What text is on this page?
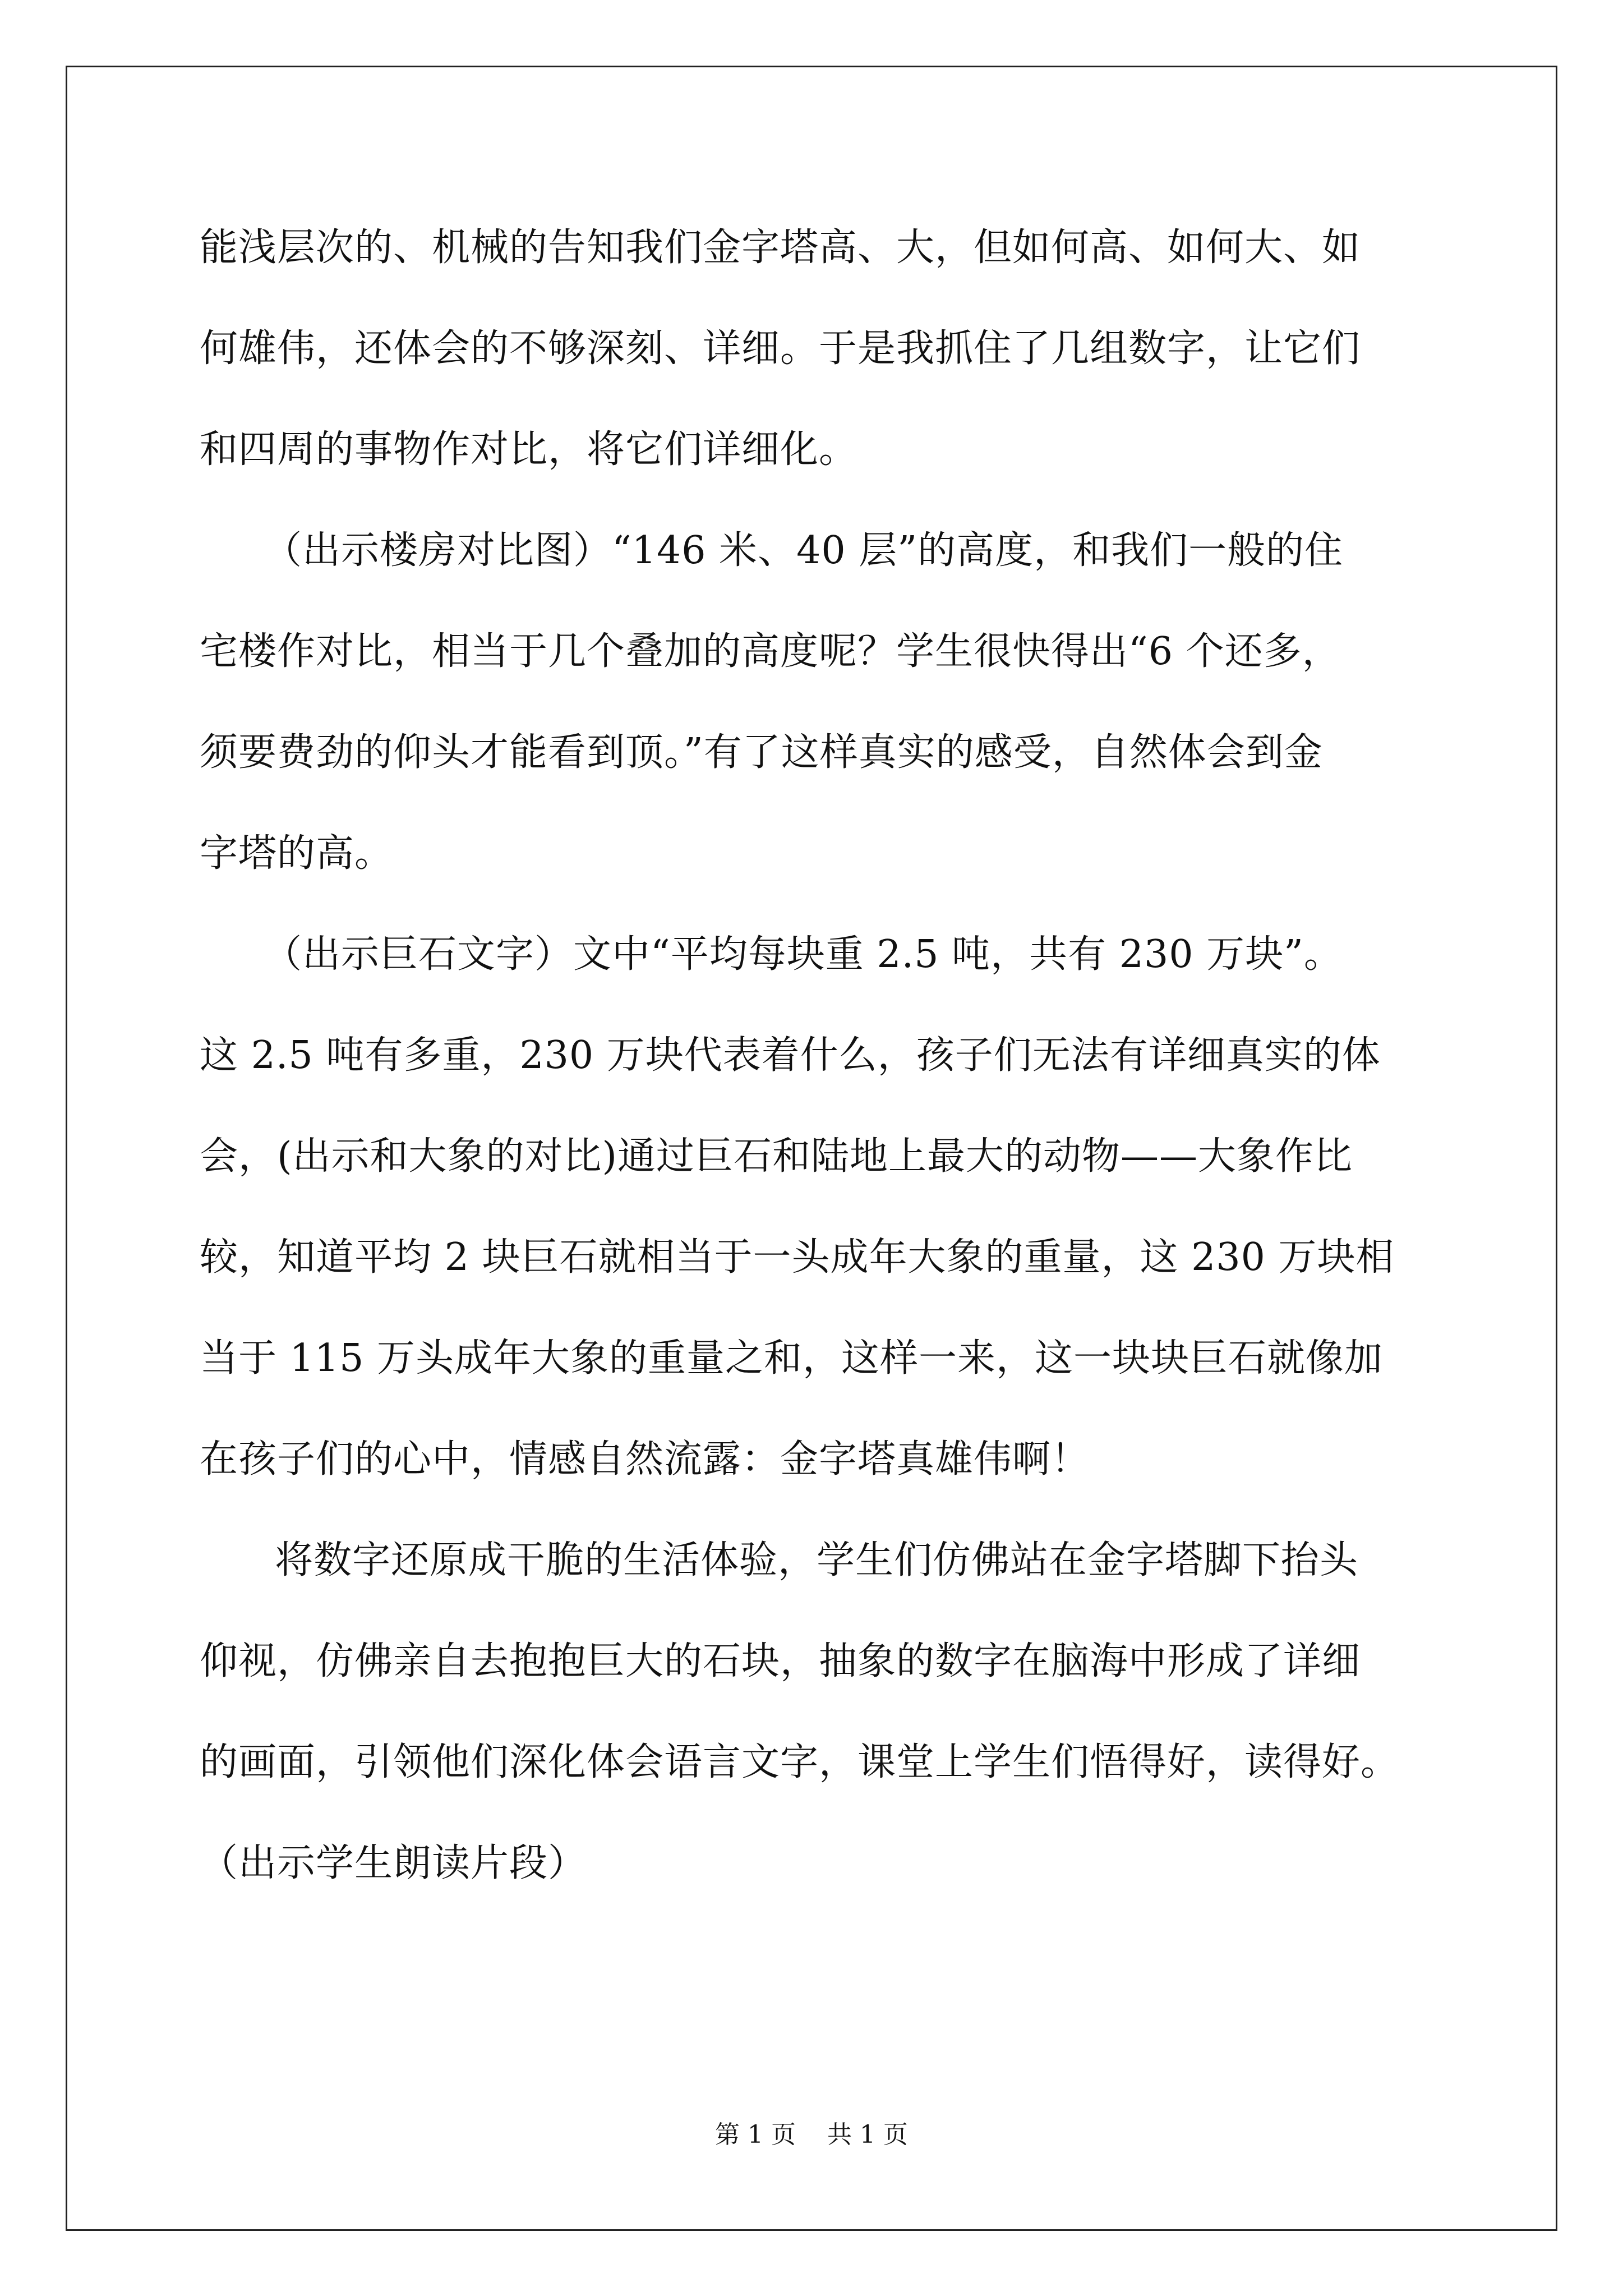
能浅层次的、机械的告知我们金字塔高、大，但如何高、如何大、如
何雄伟，还体会的不够深刻、详细。于是我抓住了几组数字，让它们
和四周的事物作对比，将它们详细化。
（出示楼房对比图）“146 米、40 层”的高度，和我们一般的住
宅楼作对比，相当于几个叠加的高度呢？学生很快得出“6 个还多，
须要费劲的仰头才能看到顶。”有了这样真实的感受，自然体会到金
字塔的高。
（出示巨石文字）文中“平均每块重 2.5 吨，共有 230 万块”。
这 2.5 吨有多重，230 万块代表着什么，孩子们无法有详细真实的体
会，(出示和大象的对比)通过巨石和陆地上最大的动物——大象作比
较，知道平均 2 块巨石就相当于一头成年大象的重量，这 230 万块相
当于 115 万头成年大象的重量之和，这样一来，这一块块巨石就像加
在孩子们的心中，情感自然流露：金字塔真雄伟啊！
将数字还原成干脆的生活体验，学生们仿佛站在金字塔脚下抬头
仰视，仿佛亲自去抱抱巨大的石块，抽象的数字在脑海中形成了详细
的画面，引领他们深化体会语言文字，课堂上学生们悟得好，读得好。
（出示学生朗读片段）
第 1 页    共 1 页
